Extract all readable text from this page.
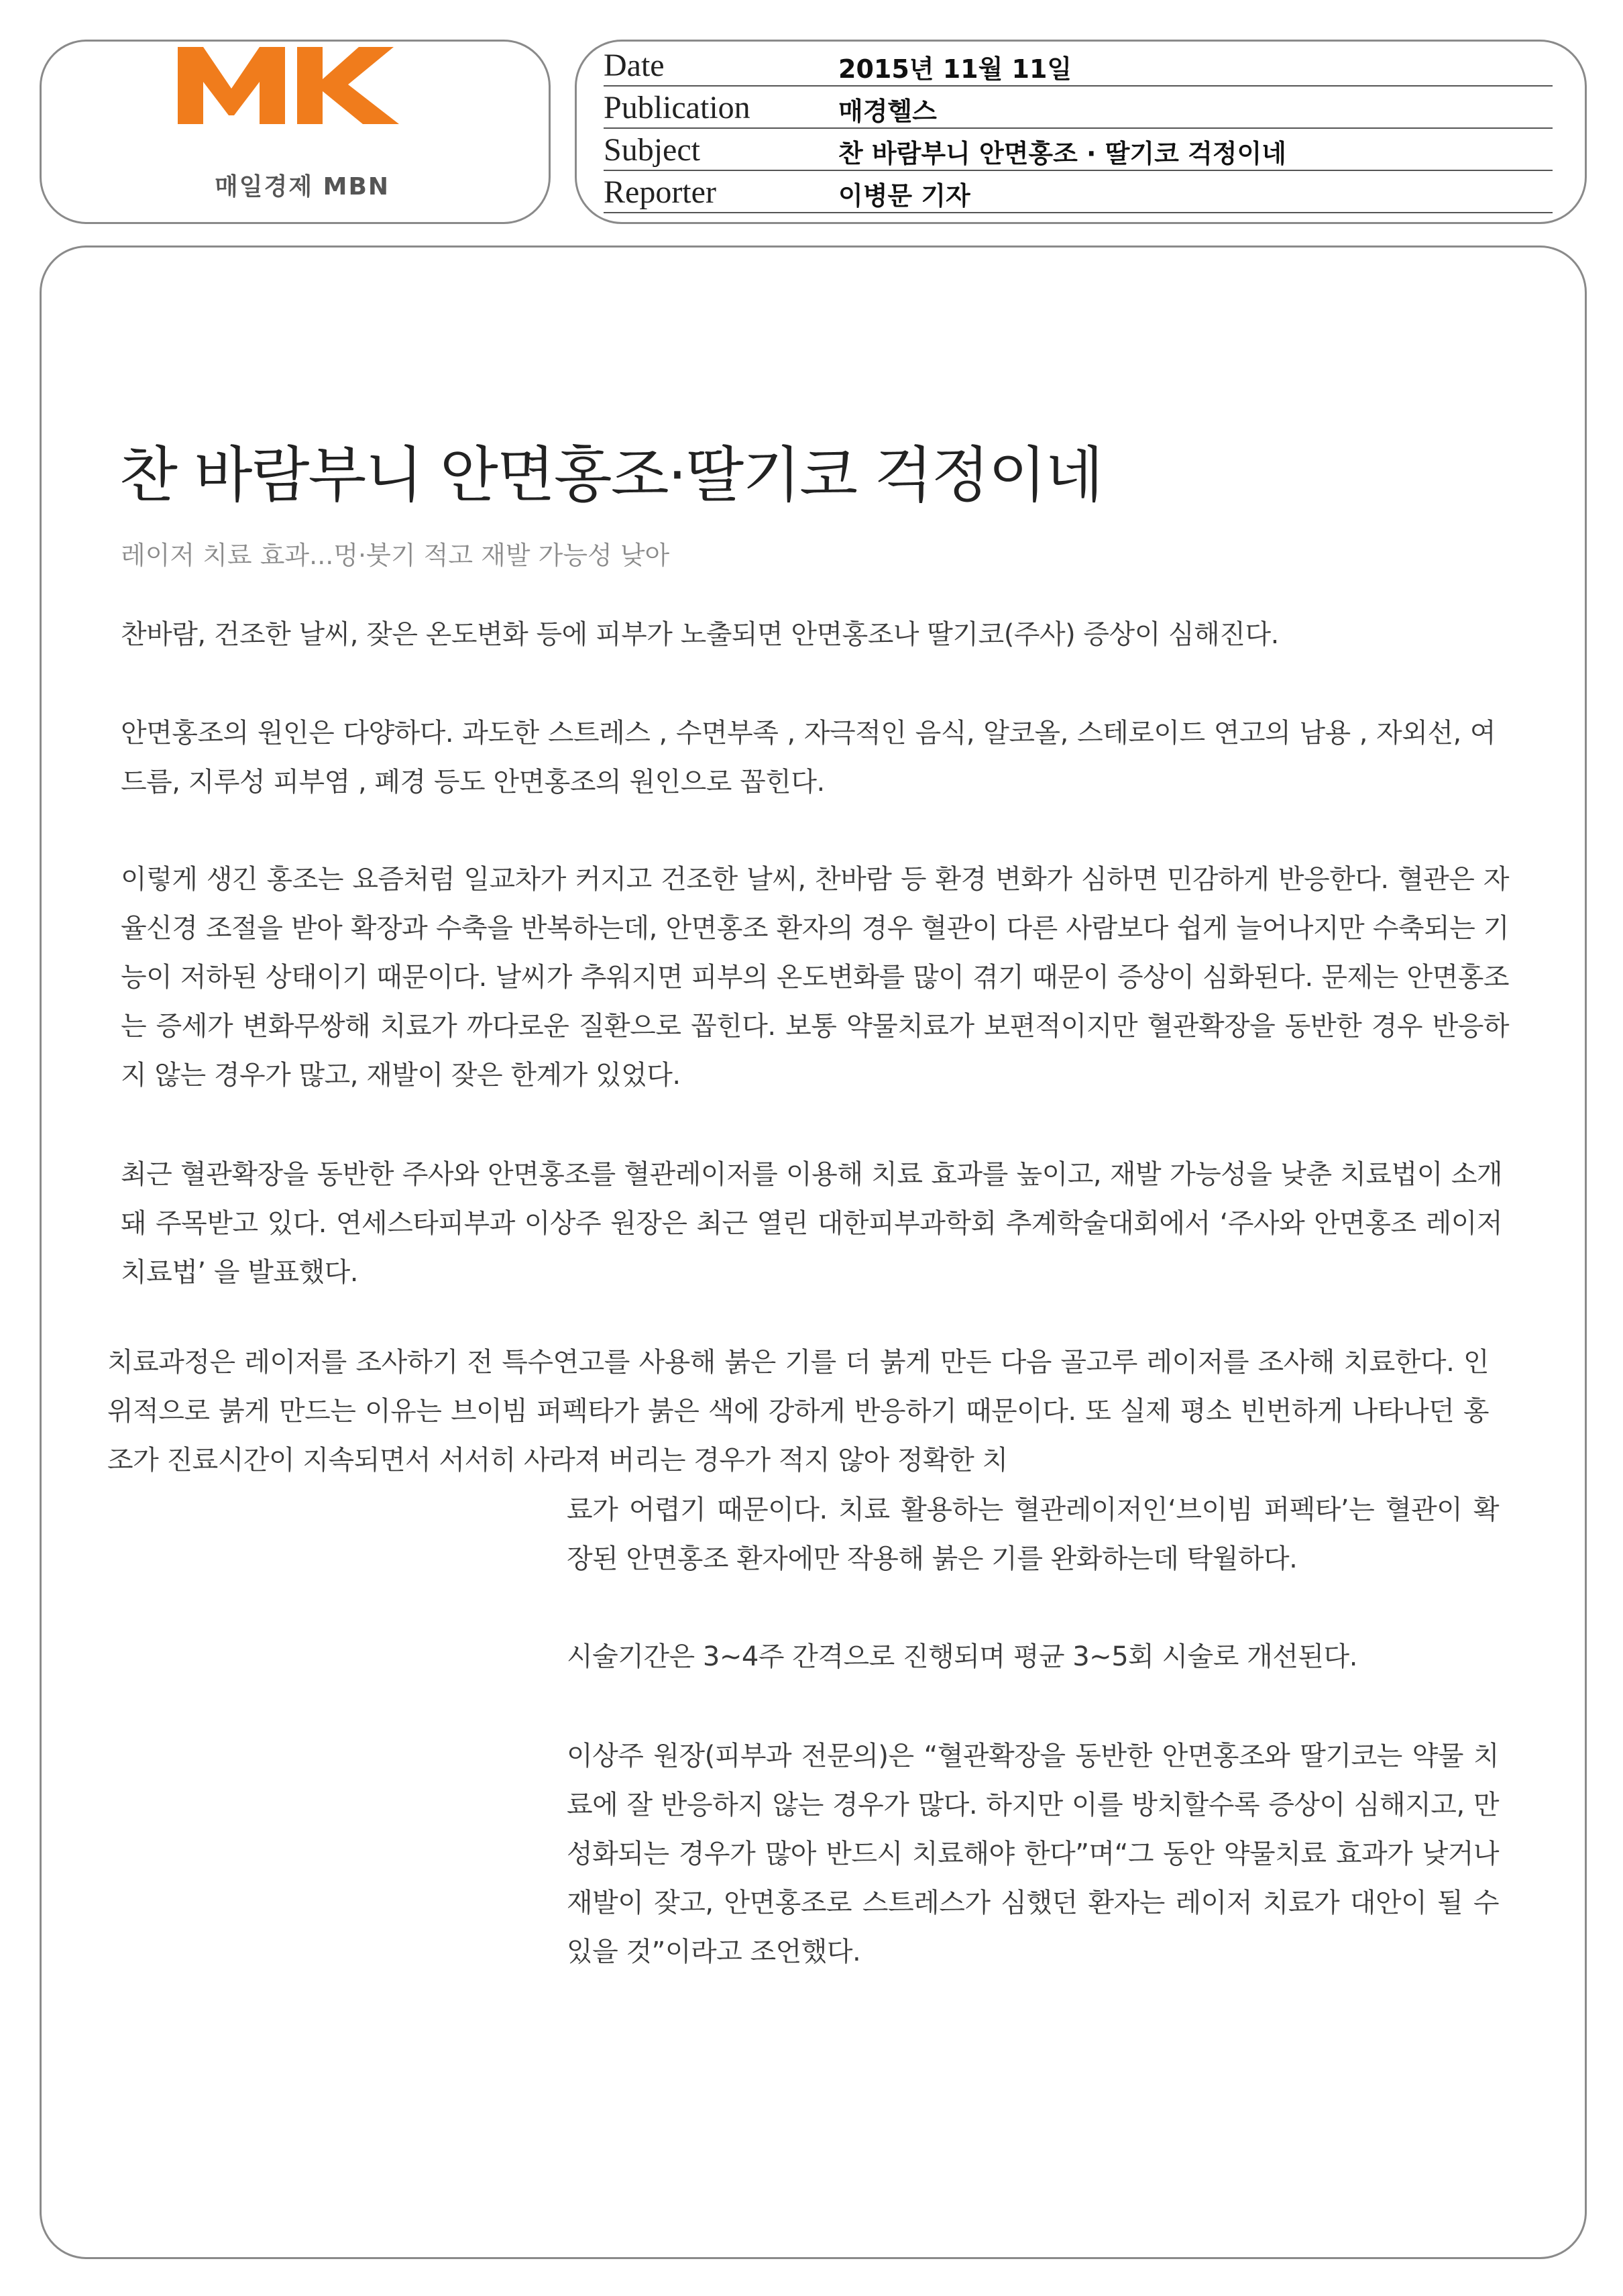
매일경제 MBN
Date	2015년 11월 11일
Publication	매경헬스
Subject	찬 바람부니 안면홍조 · 딸기코 걱정이네
Reporter	이병문 기자
찬 바람부니 안면홍조·딸기코 걱정이네
레이저 치료 효과...멍·붓기 적고 재발 가능성 낮아

찬바람, 건조한 날씨, 잦은 온도변화 등에 피부가 노출되면 안면홍조나 딸기코(주사) 증상이 심해진다.

안면홍조의 원인은 다양하다. 과도한 스트레스 , 수면부족 , 자극적인 음식, 알코올, 스테로이드 연고의 남용 , 자외선, 여드름, 지루성 피부염 , 폐경 등도 안면홍조의 원인으로 꼽힌다.

이렇게 생긴 홍조는 요즘처럼 일교차가 커지고 건조한 날씨, 찬바람 등 환경 변화가 심하면 민감하게 반응한다. 혈관은 자율신경 조절을 받아 확장과 수축을 반복하는데, 안면홍조 환자의 경우 혈관이 다른 사람보다 쉽게 늘어나지만 수축되는 기능이 저하된 상태이기 때문이다. 날씨가 추워지면 피부의 온도변화를 많이 겪기 때문이 증상이 심화된다. 문제는 안면홍조는 증세가 변화무쌍해 치료가 까다로운 질환으로 꼽힌다. 보통 약물치료가 보편적이지만 혈관확장을 동반한 경우 반응하지 않는 경우가 많고, 재발이 잦은 한계가 있었다.

최근 혈관확장을 동반한 주사와 안면홍조를 혈관레이저를 이용해 치료 효과를 높이고, 재발 가능성을 낮춘 치료법이 소개돼 주목받고 있다. 연세스타피부과 이상주 원장은 최근 열린 대한피부과학회 추계학술대회에서 ‘주사와 안면홍조 레이저 치료법’ 을 발표했다.

치료과정은 레이저를 조사하기 전 특수연고를 사용해 붉은 기를 더 붉게 만든 다음 골고루 레이저를 조사해 치료한다. 인위적으로 붉게 만드는 이유는 브이빔 퍼펙타가 붉은 색에 강하게 반응하기 때문이다. 또 실제 평소 빈번하게 나타나던 홍조가 진료시간이 지속되면서 서서히 사라져 버리는 경우가 적지 않아 정확한 치

료가 어렵기 때문이다. 치료 활용하는 혈관레이저인‘브이빔 퍼펙타’는 혈관이 확장된 안면홍조 환자에만 작용해 붉은 기를 완화하는데 탁월하다.

시술기간은 3~4주 간격으로 진행되며 평균 3~5회 시술로 개선된다.

이상주 원장(피부과 전문의)은 “혈관확장을 동반한 안면홍조와 딸기코는 약물 치료에 잘 반응하지 않는 경우가 많다. 하지만 이를 방치할수록 증상이 심해지고, 만성화되는 경우가 많아 반드시 치료해야 한다”며“그 동안 약물치료 효과가 낮거나 재발이 잦고, 안면홍조로 스트레스가 심했던 환자는 레이저 치료가 대안이 될 수 있을 것”이라고 조언했다.
